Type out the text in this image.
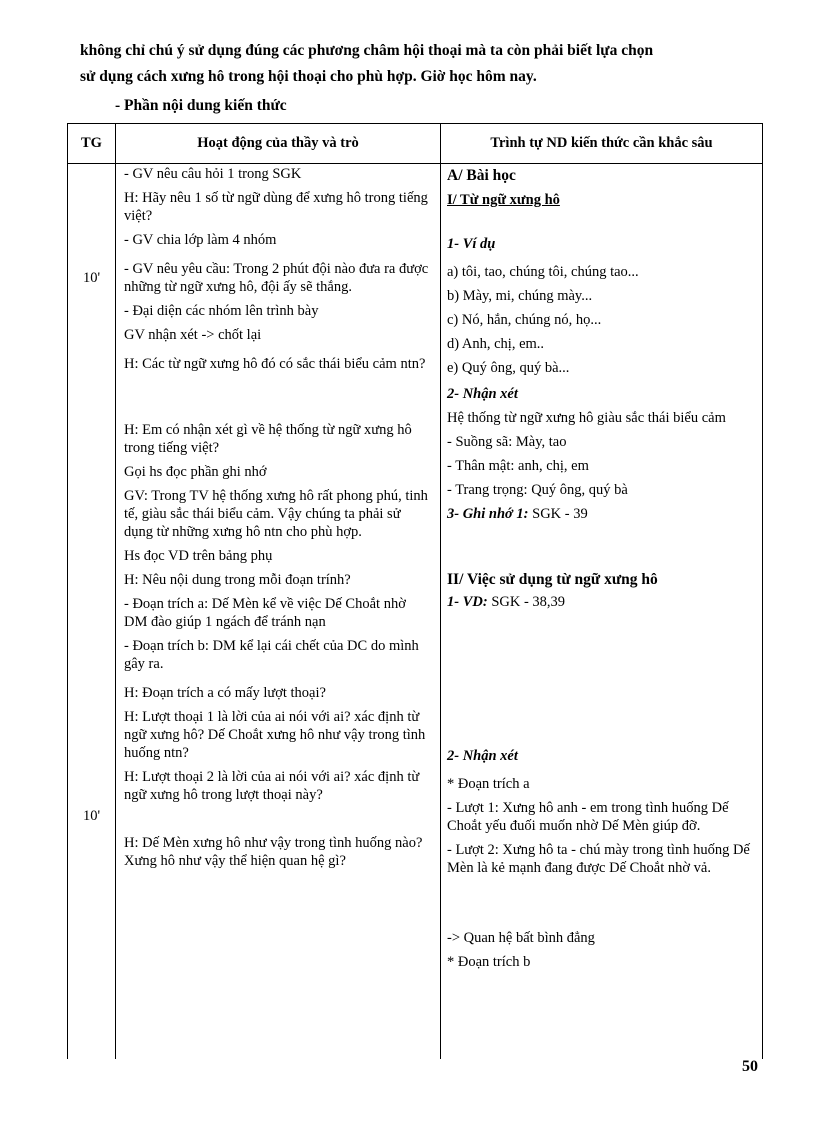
không chỉ chú ý sử dụng đúng các phương châm hội thoại mà ta còn phải biết lựa chọn

sử dụng cách xưng hô trong hội thoại cho phù hợp. Giờ học hôm nay.

- Phần nội dung kiến thức
TG	Hoạt động của thầy và trò	Trình tự ND kiến thức cần khắc sâu
10'
10'

- GV nêu câu hỏi 1 trong SGK

H: Hãy nêu 1 số từ ngữ dùng để xưng hô trong tiếng việt?

- GV chia lớp làm 4 nhóm

- GV nêu yêu cầu: Trong 2 phút đội nào đưa ra được những từ ngữ xưng hô, đội ấy sẽ thắng.

- Đại diện các nhóm lên trình bày

GV nhận xét -> chốt lại

H: Các từ ngữ xưng hô đó có sắc thái biểu cảm ntn?

H: Em có nhận xét gì về hệ thống từ ngữ xưng hô trong tiếng việt?

Gọi hs đọc phần ghi nhớ

GV: Trong TV hệ thống xưng hô rất phong phú, tinh tế, giàu sắc thái biểu cảm. Vậy chúng ta phải sử dụng từ những xưng hô ntn cho phù hợp.

Hs đọc VD trên bảng phụ

H: Nêu nội dung trong mỗi đoạn trính?

- Đoạn trích a: Dế Mèn kể về việc Dế Choắt nhờ DM đào giúp 1 ngách để tránh nạn

- Đoạn trích b: DM kể lại cái chết của DC do mình gây ra.

H: Đoạn trích a có mấy lượt thoại?

H: Lượt thoại 1 là lời của ai nói với ai? xác định từ ngữ xưng hô? Dế Choắt xưng hô như vậy trong tình huống ntn?

H: Lượt thoại 2 là lời của ai nói với ai? xác định từ ngữ xưng hô trong lượt thoại này?

H: Dế Mèn xưng hô như vậy trong tình huống nào? Xưng hô như vậy thể hiện quan hệ gì?

A/ Bài học

I/ Từ ngữ xưng hô

1- Ví dụ

a) tôi, tao, chúng tôi, chúng tao...

b) Mày, mi, chúng mày...

c) Nó, hắn, chúng nó, họ...

d) Anh, chị, em..

e) Quý ông, quý bà...

2- Nhận xét

Hệ thống từ ngữ xưng hô giàu sắc thái biểu cảm

- Suồng sã: Mày, tao

- Thân mật: anh, chị, em

- Trang trọng: Quý ông, quý bà

3- Ghi nhớ 1: SGK - 39

II/ Việc sử dụng từ ngữ xưng hô

1- VD: SGK - 38,39

2- Nhận xét

* Đoạn trích a

- Lượt 1: Xưng hô anh - em trong tình huống Dế Choắt yếu đuối muốn nhờ Dế Mèn giúp đỡ.

- Lượt 2: Xưng hô ta - chú mày trong tình huống Dế Mèn là kẻ mạnh đang được Dế Choắt nhờ vả.

-> Quan hệ bất bình đẳng

* Đoạn trích b

50
